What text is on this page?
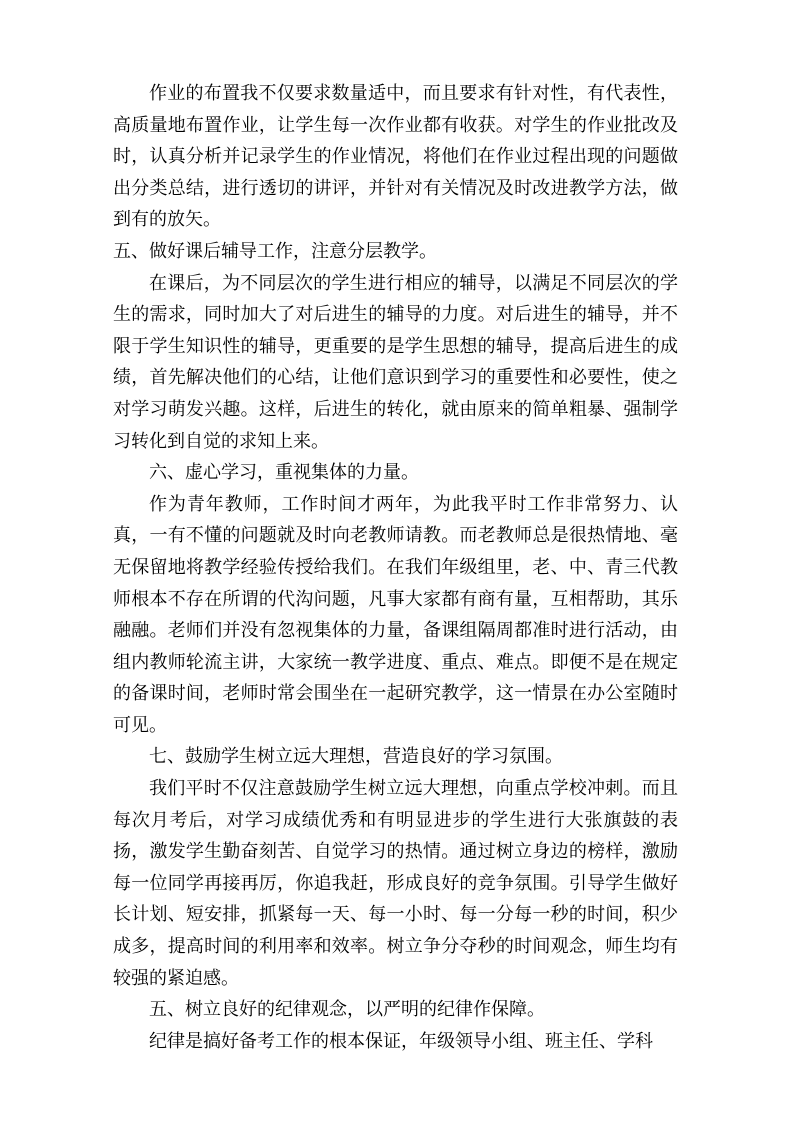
作业的布置我不仅要求数量适中，而且要求有针对性，有代表性，高质量地布置作业，让学生每一次作业都有收获。对学生的作业批改及时，认真分析并记录学生的作业情况，将他们在作业过程出现的问题做出分类总结，进行透切的讲评，并针对有关情况及时改进教学方法，做到有的放矢。

五、做好课后辅导工作，注意分层教学。

在课后，为不同层次的学生进行相应的辅导，以满足不同层次的学生的需求，同时加大了对后进生的辅导的力度。对后进生的辅导，并不限于学生知识性的辅导，更重要的是学生思想的辅导，提高后进生的成绩，首先解决他们的心结，让他们意识到学习的重要性和必要性，使之对学习萌发兴趣。这样，后进生的转化，就由原来的简单粗暴、强制学习转化到自觉的求知上来。

六、虚心学习，重视集体的力量。

作为青年教师，工作时间才两年，为此我平时工作非常努力、认真，一有不懂的问题就及时向老教师请教。而老教师总是很热情地、毫无保留地将教学经验传授给我们。在我们年级组里，老、中、青三代教师根本不存在所谓的代沟问题，凡事大家都有商有量，互相帮助，其乐融融。老师们并没有忽视集体的力量，备课组隔周都准时进行活动，由组内教师轮流主讲，大家统一教学进度、重点、难点。即便不是在规定的备课时间，老师时常会围坐在一起研究教学，这一情景在办公室随时可见。

七、鼓励学生树立远大理想，营造良好的学习氛围。

我们平时不仅注意鼓励学生树立远大理想，向重点学校冲刺。而且每次月考后，对学习成绩优秀和有明显进步的学生进行大张旗鼓的表扬，激发学生勤奋刻苦、自觉学习的热情。通过树立身边的榜样，激励每一位同学再接再厉，你追我赶，形成良好的竞争氛围。引导学生做好长计划、短安排，抓紧每一天、每一小时、每一分每一秒的时间，积少成多，提高时间的利用率和效率。树立争分夺秒的时间观念，师生均有较强的紧迫感。

五、树立良好的纪律观念，以严明的纪律作保障。

纪律是搞好备考工作的根本保证，年级领导小组、班主任、学科
